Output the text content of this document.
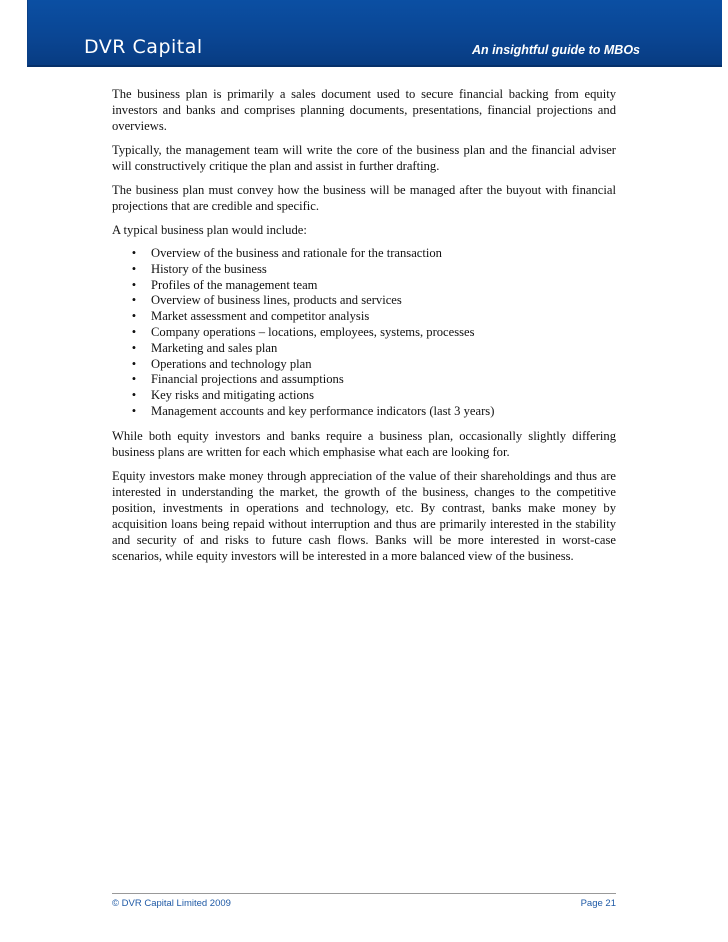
DVR Capital	An insightful guide to MBOs

The business plan is primarily a sales document used to secure financial backing from equity investors and banks and comprises planning documents, presentations, financial projections and overviews.

Typically, the management team will write the core of the business plan and the financial adviser will constructively critique the plan and assist in further drafting.

The business plan must convey how the business will be managed after the buyout with financial projections that are credible and specific.

A typical business plan would include:

• Overview of the business and rationale for the transaction
• History of the business
• Profiles of the management team
• Overview of business lines, products and services
• Market assessment and competitor analysis
• Company operations – locations, employees, systems, processes
• Marketing and sales plan
• Operations and technology plan
• Financial projections and assumptions
• Key risks and mitigating actions
• Management accounts and key performance indicators (last 3 years)

While both equity investors and banks require a business plan, occasionally slightly differing business plans are written for each which emphasise what each are looking for.

Equity investors make money through appreciation of the value of their shareholdings and thus are interested in understanding the market, the growth of the business, changes to the competitive position, investments in operations and technology, etc. By contrast, banks make money by acquisition loans being repaid without interruption and thus are primarily interested in the stability and security of and risks to future cash flows. Banks will be more interested in worst-case scenarios, while equity investors will be interested in a more balanced view of the business.

© DVR Capital Limited 2009	Page 21
